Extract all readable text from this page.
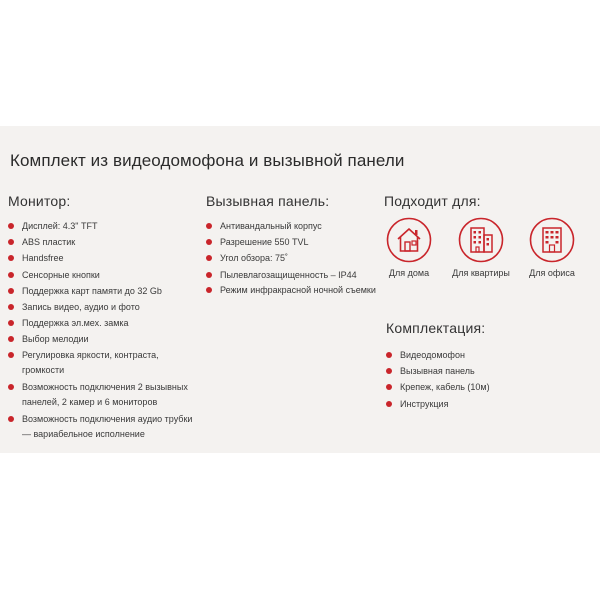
Комплект из видеодомофона и вызывной панели
Монитор:
Дисплей: 4.3" TFT
ABS пластик
Handsfree
Сенсорные кнопки
Поддержка карт памяти до 32 Gb
Запись видео, аудио и фото
Поддержка эл.мех. замка
Выбор мелодии
Регулировка яркости, контраста, громкости
Возможность подключения 2 вызывных панелей, 2 камер и 6 мониторов
Возможность подключения аудио трубки — вариабельное исполнение
Вызывная панель:
Антивандальный корпус
Разрешение 550 TVL
Угол обзора: 75˚
Пылевлагозащищенность – IP44
Режим инфракрасной ночной съемки
Подходит для:
Для дома	Для квартиры	Для офиса
Комплектация:
Видеодомофон
Вызывная панель
Крепеж, кабель (10м)
Инструкция
